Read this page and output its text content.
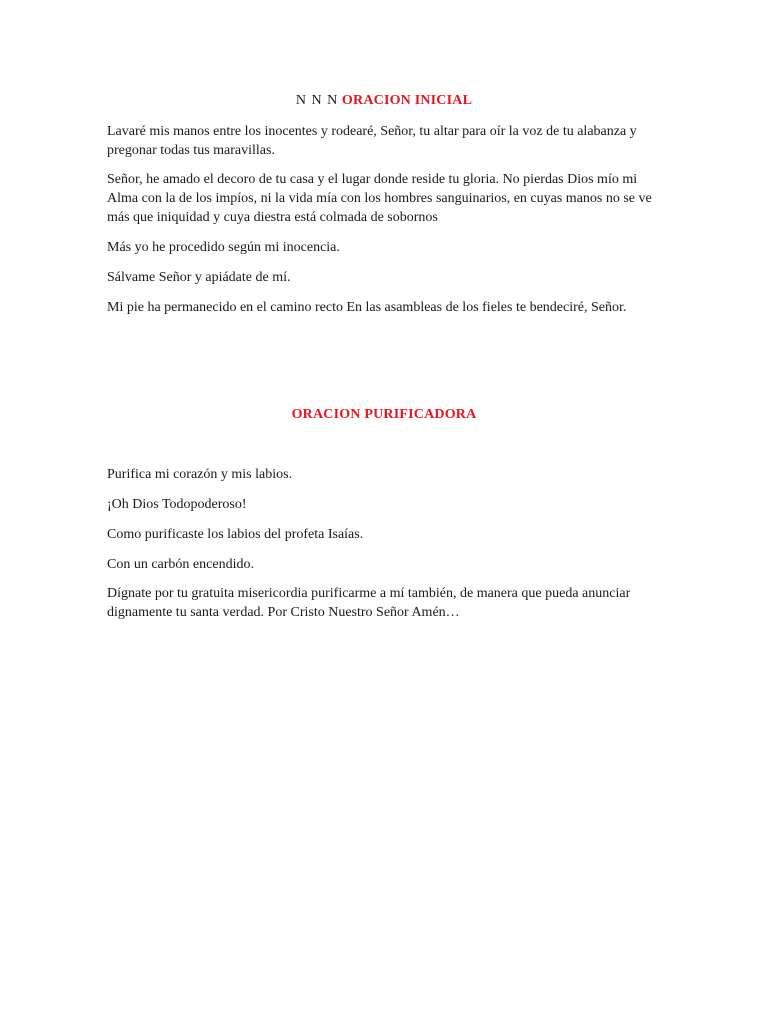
N N N ORACION INICIAL

Lavaré mis manos entre los inocentes y rodearé, Señor, tu altar para oír la voz de tu alabanza y pregonar todas tus maravillas.

Señor, he amado el decoro de tu casa y el lugar donde reside tu gloria. No pierdas Dios mío mi Alma con la de los impíos, ni la vida mía con los hombres sanguinarios, en cuyas manos no se ve más que iniquidad y cuya diestra está colmada de sobornos

Más yo he procedido según mi inocencia.

Sálvame Señor y apiádate de mí.

Mi pie ha permanecido en el camino recto En las asambleas de los fieles te bendeciré, Señor.

ORACION PURIFICADORA

Purifica mi corazón y mis labios.

¡Oh Dios Todopoderoso!

Como purificaste los labios del profeta Isaías.

Con un carbón encendido.

Dígnate por tu gratuita misericordia purificarme a mí también, de manera que pueda anunciar dignamente tu santa verdad. Por Cristo Nuestro Señor Amén…
